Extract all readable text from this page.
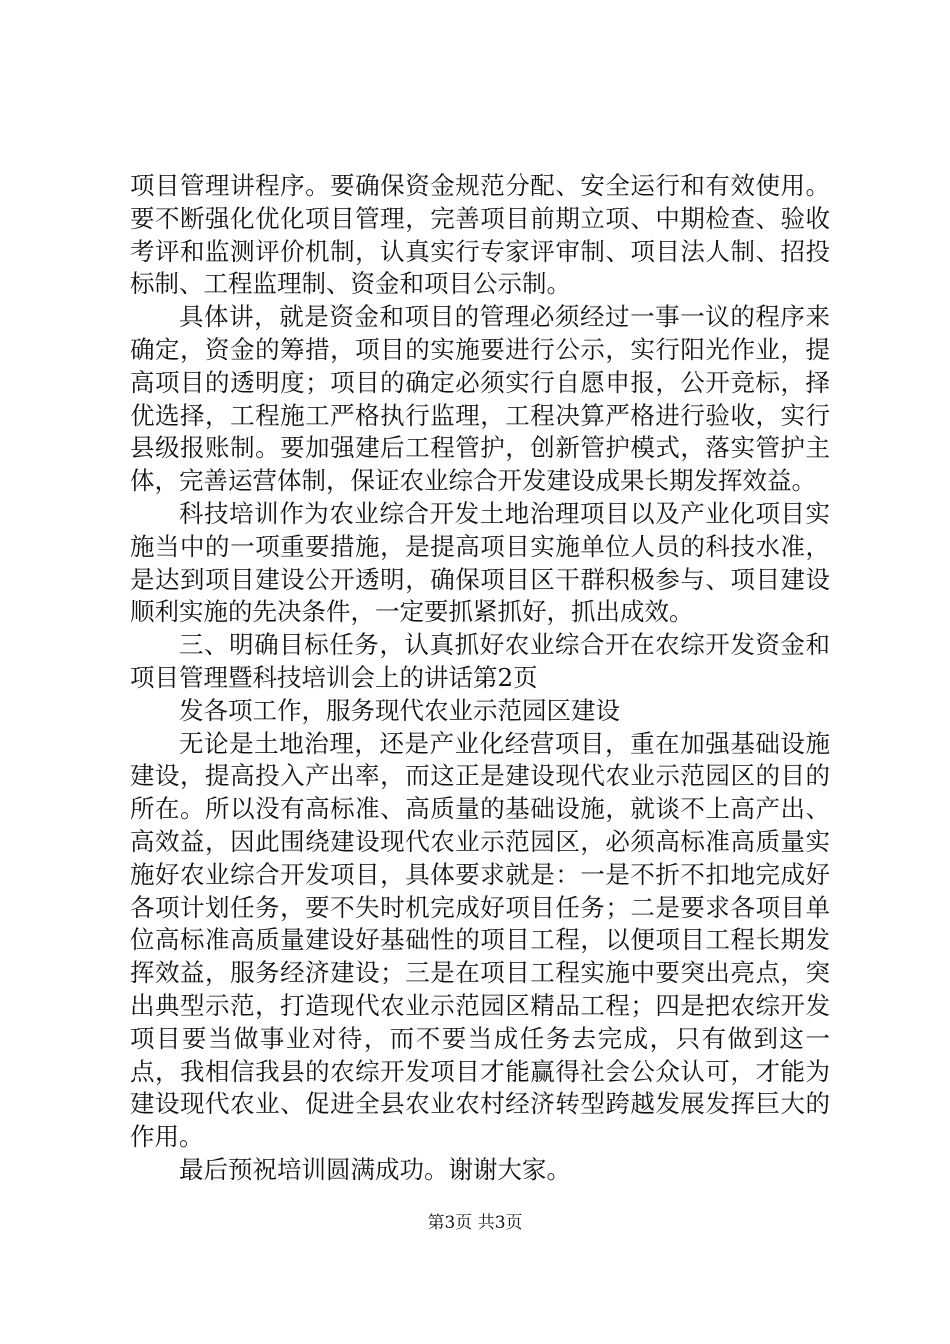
项目管理讲程序。要确保资金规范分配、安全运行和有效使用。要不断强化优化项目管理，完善项目前期立项、中期检查、验收考评和监测评价机制，认真实行专家评审制、项目法人制、招投标制、工程监理制、资金和项目公示制。

具体讲，就是资金和项目的管理必须经过一事一议的程序来确定，资金的筹措，项目的实施要进行公示，实行阳光作业，提高项目的透明度；项目的确定必须实行自愿申报，公开竞标，择优选择，工程施工严格执行监理，工程决算严格进行验收，实行县级报账制。要加强建后工程管护，创新管护模式，落实管护主体，完善运营体制，保证农业综合开发建设成果长期发挥效益。

科技培训作为农业综合开发土地治理项目以及产业化项目实施当中的一项重要措施，是提高项目实施单位人员的科技水准，是达到项目建设公开透明，确保项目区干群积极参与、项目建设顺利实施的先决条件，一定要抓紧抓好，抓出成效。

三、明确目标任务，认真抓好农业综合开在农综开发资金和项目管理暨科技培训会上的讲话第2页

发各项工作，服务现代农业示范园区建设

无论是土地治理，还是产业化经营项目，重在加强基础设施建设，提高投入产出率，而这正是建设现代农业示范园区的目的所在。所以没有高标准、高质量的基础设施，就谈不上高产出、高效益，因此围绕建设现代农业示范园区，必须高标准高质量实施好农业综合开发项目，具体要求就是：一是不折不扣地完成好各项计划任务，要不失时机完成好项目任务；二是要求各项目单位高标准高质量建设好基础性的项目工程，以便项目工程长期发挥效益，服务经济建设；三是在项目工程实施中要突出亮点，突出典型示范，打造现代农业示范园区精品工程；四是把农综开发项目要当做事业对待，而不要当成任务去完成，只有做到这一点，我相信我县的农综开发项目才能赢得社会公众认可，才能为建设现代农业、促进全县农业农村经济转型跨越发展发挥巨大的作用。

最后预祝培训圆满成功。谢谢大家。

第3页 共3页
